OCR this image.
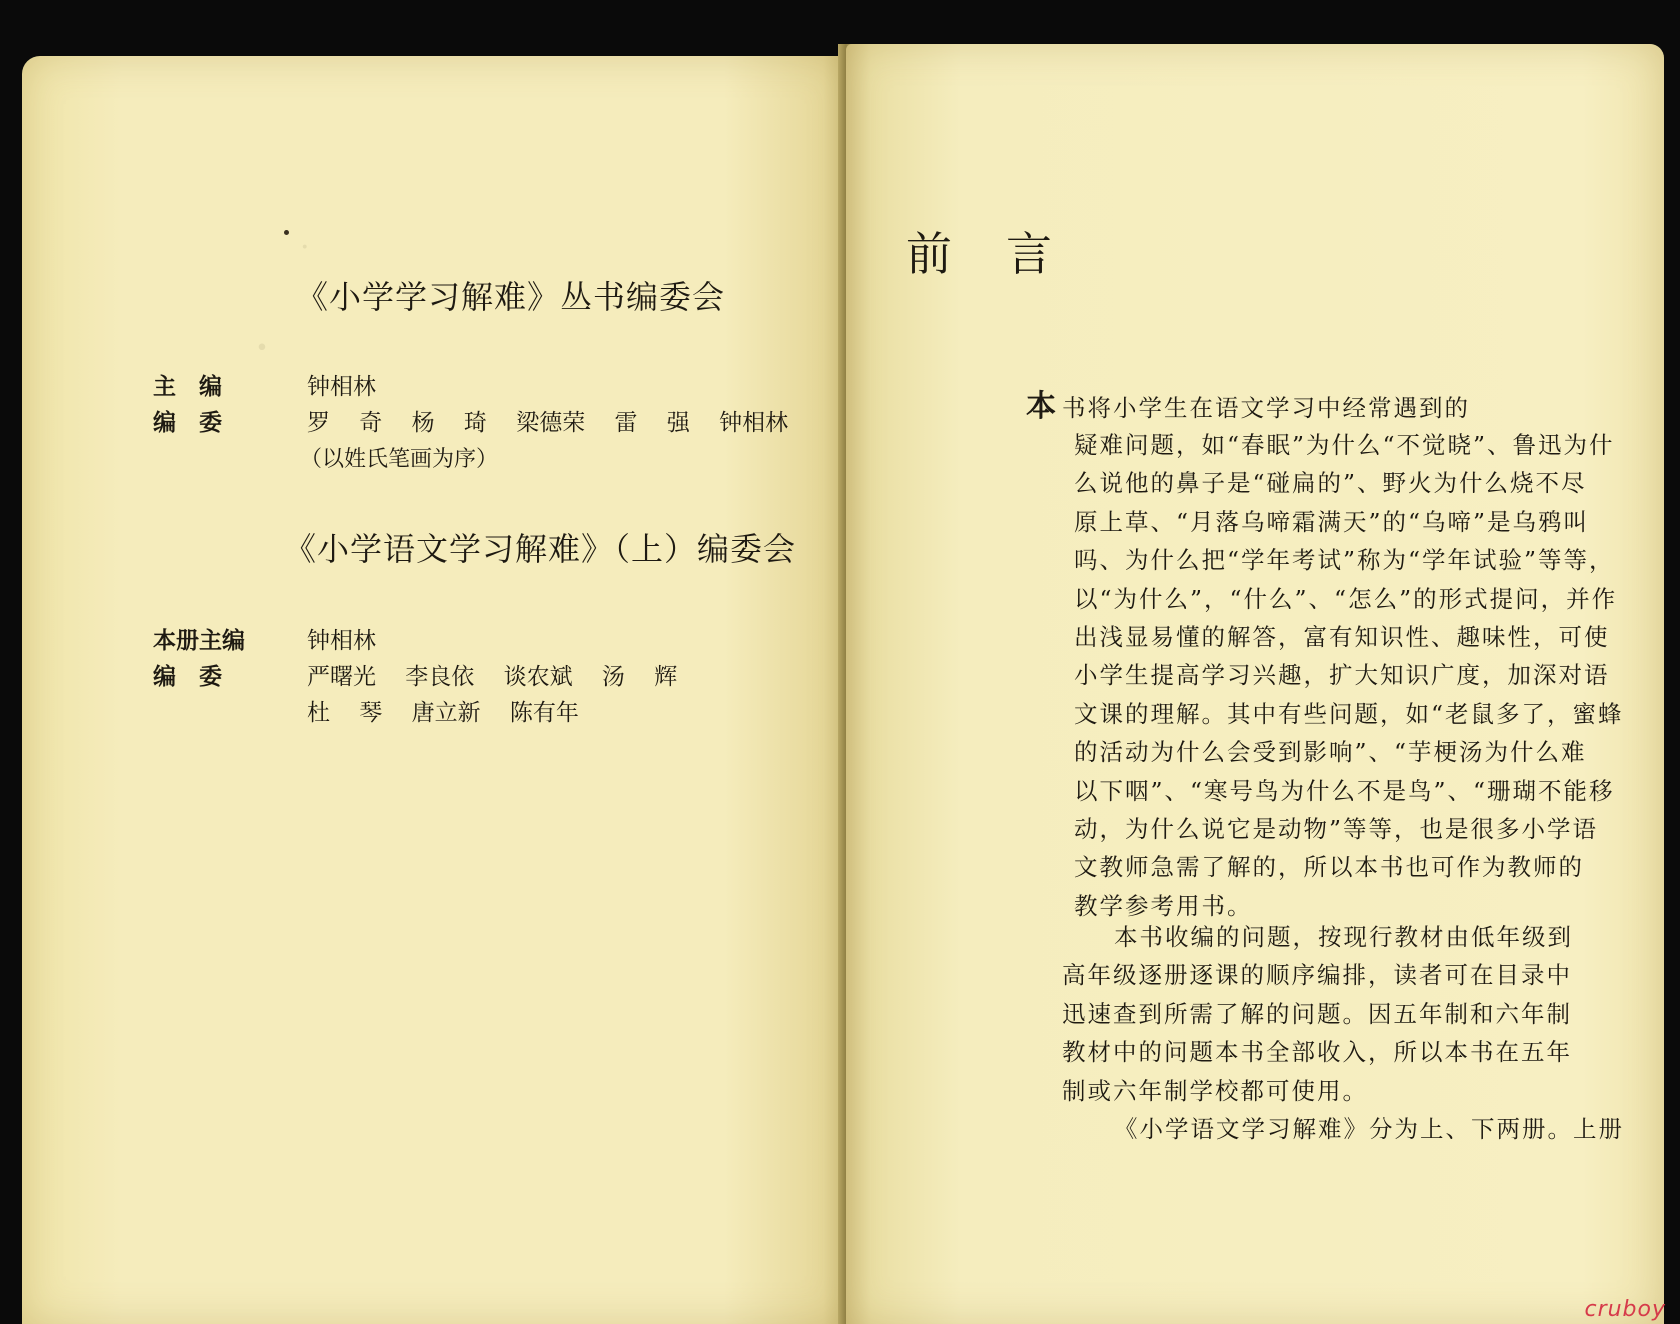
·
·
《小学学习解难》丛书编委会
主　编	钟相林
编　委	罗 奇 杨 琦 梁德荣 雷 强 钟相林
（以姓氏笔画为序）
《小学语文学习解难》（上）编委会
本册主编	钟相林
编　委	严曙光 李良依 谈农斌 汤 辉
杜 琴 唐立新 陈有年
前言
本 书将小学生在语文学习中经常遇到的
疑难问题，如“春眠”为什么“不觉晓”、鲁迅为什
么说他的鼻子是“碰扁的”、野火为什么烧不尽
原上草、“月落乌啼霜满天”的“乌啼”是乌鸦叫
吗、为什么把“学年考试”称为“学年试验”等等，
以“为什么”，“什么”、“怎么”的形式提问，并作
出浅显易懂的解答，富有知识性、趣味性，可使
小学生提高学习兴趣，扩大知识广度，加深对语
文课的理解。其中有些问题，如“老鼠多了，蜜蜂
的活动为什么会受到影响”、“芋梗汤为什么难
以下咽”、“寒号鸟为什么不是鸟”、“珊瑚不能移
动，为什么说它是动物”等等，也是很多小学语
文教师急需了解的，所以本书也可作为教师的
教学参考用书。
本书收编的问题，按现行教材由低年级到
高年级逐册逐课的顺序编排，读者可在目录中
迅速查到所需了解的问题。因五年制和六年制
教材中的问题本书全部收入，所以本书在五年
制或六年制学校都可使用。
《小学语文学习解难》分为上、下两册。上册
cruboy
